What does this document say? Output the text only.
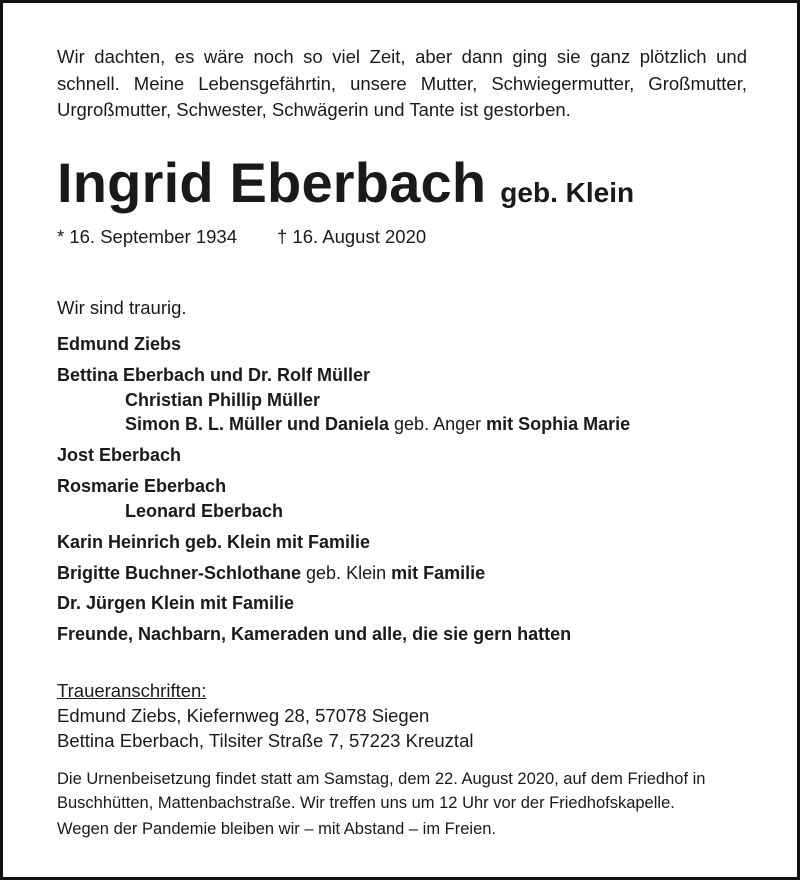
Wir dachten, es wäre noch so viel Zeit, aber dann ging sie ganz plötzlich und schnell. Meine Lebensgefährtin, unsere Mutter, Schwiegermutter, Großmutter, Urgroßmutter, Schwester, Schwägerin und Tante ist gestorben.
Ingrid Eberbach geb. Klein
* 16. September 1934 † 16. August 2020
Wir sind traurig.
Edmund Ziebs
Bettina Eberbach und Dr. Rolf Müller
Christian Phillip Müller
Simon B. L. Müller und Daniela geb. Anger mit Sophia Marie
Jost Eberbach
Rosmarie Eberbach
Leonard Eberbach
Karin Heinrich geb. Klein mit Familie
Brigitte Buchner-Schlothane geb. Klein mit Familie
Dr. Jürgen Klein mit Familie
Freunde, Nachbarn, Kameraden und alle, die sie gern hatten
Traueranschriften:
Edmund Ziebs, Kiefernweg 28, 57078 Siegen
Bettina Eberbach, Tilsiter Straße 7, 57223 Kreuztal
Die Urnenbeisetzung findet statt am Samstag, dem 22. August 2020, auf dem Friedhof in Buschhütten, Mattenbachstraße. Wir treffen uns um 12 Uhr vor der Friedhofskapelle.
Wegen der Pandemie bleiben wir – mit Abstand – im Freien.
